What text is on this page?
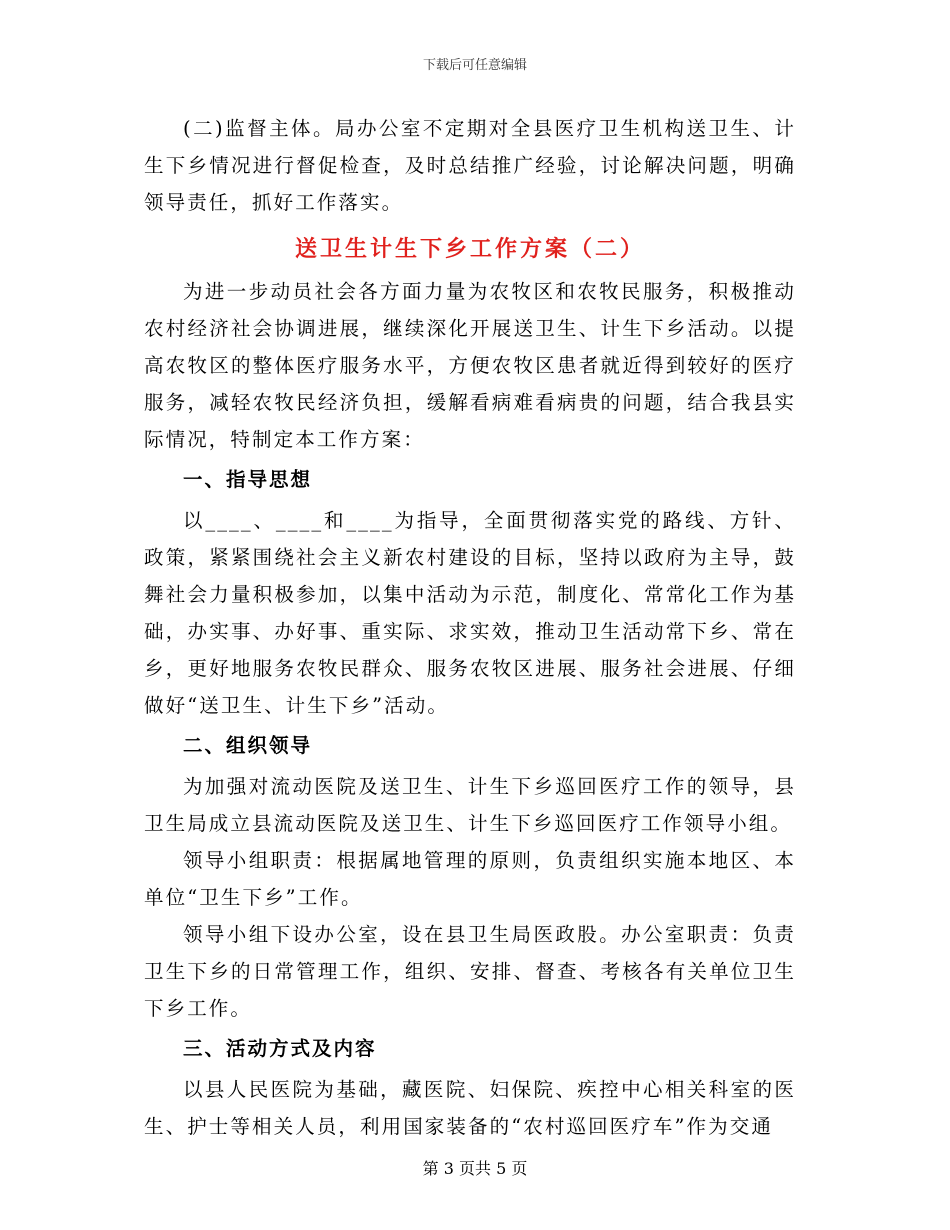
下载后可任意编辑

(二)监督主体。局办公室不定期对全县医疗卫生机构送卫生、计生下乡情况进行督促检查，及时总结推广经验，讨论解决问题，明确领导责任，抓好工作落实。

送卫生计生下乡工作方案（二）

为进一步动员社会各方面力量为农牧区和农牧民服务，积极推动农村经济社会协调进展，继续深化开展送卫生、计生下乡活动。以提高农牧区的整体医疗服务水平，方便农牧区患者就近得到较好的医疗服务，减轻农牧民经济负担，缓解看病难看病贵的问题，结合我县实际情况，特制定本工作方案：

一、指导思想

以____、____和____为指导，全面贯彻落实党的路线、方针、政策，紧紧围绕社会主义新农村建设的目标，坚持以政府为主导，鼓舞社会力量积极参加，以集中活动为示范，制度化、常常化工作为基础，办实事、办好事、重实际、求实效，推动卫生活动常下乡、常在乡，更好地服务农牧民群众、服务农牧区进展、服务社会进展、仔细做好“送卫生、计生下乡”活动。

二、组织领导

为加强对流动医院及送卫生、计生下乡巡回医疗工作的领导，县卫生局成立县流动医院及送卫生、计生下乡巡回医疗工作领导小组。

领导小组职责：根据属地管理的原则，负责组织实施本地区、本单位“卫生下乡”工作。

领导小组下设办公室，设在县卫生局医政股。办公室职责：负责卫生下乡的日常管理工作，组织、安排、督查、考核各有关单位卫生下乡工作。

三、活动方式及内容

以县人民医院为基础，藏医院、妇保院、疾控中心相关科室的医生、护士等相关人员，利用国家装备的“农村巡回医疗车”作为交通

第 3 页共 5 页
